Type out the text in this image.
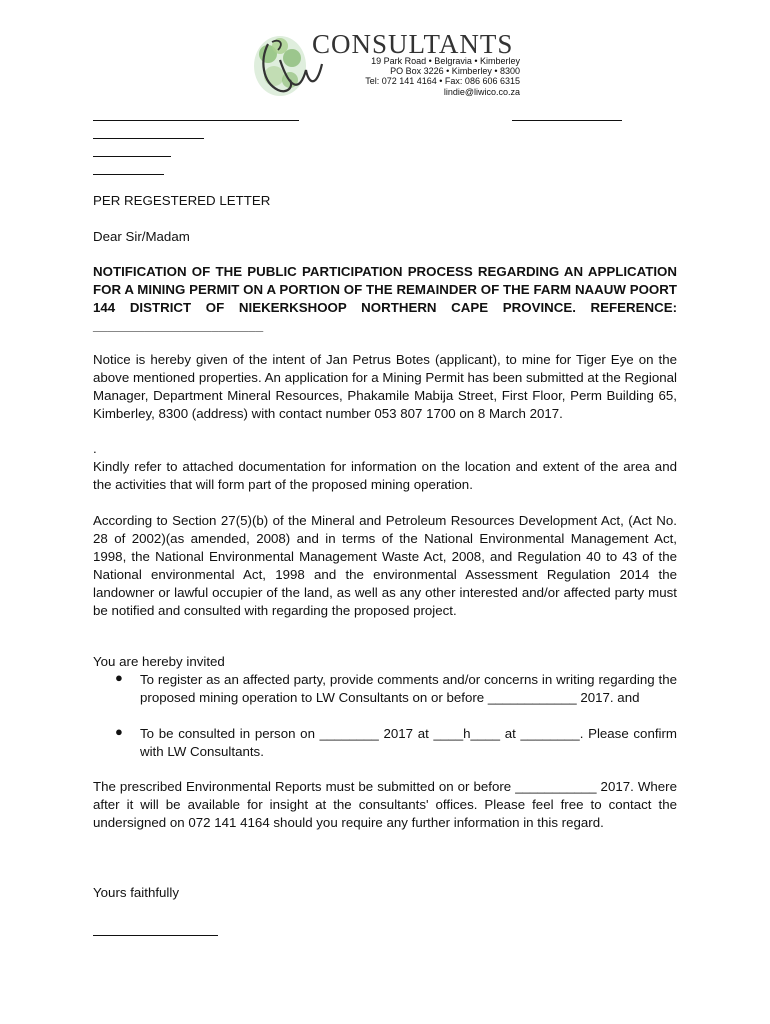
CONSULTANTS
19 Park Road • Belgravia • Kimberley
PO Box 3226 • Kimberley • 8300
Tel: 072 141 4164 • Fax: 086 606 6315
lindie@liwico.co.za
PER REGESTERED LETTER
Dear Sir/Madam
NOTIFICATION OF THE PUBLIC PARTICIPATION PROCESS REGARDING AN APPLICATION FOR A MINING PERMIT ON A PORTION OF THE REMAINDER OF THE FARM NAAUW POORT 144 DISTRICT OF NIEKERKSHOOP NORTHERN CAPE PROVINCE. REFERENCE: _______________________
Notice is hereby given of the intent of Jan Petrus Botes (applicant), to mine for Tiger Eye on the above mentioned properties. An application for a Mining Permit has been submitted at the Regional Manager, Department Mineral Resources, Phakamile Mabija Street, First Floor, Perm Building 65, Kimberley, 8300 (address) with contact number 053 807 1700 on 8 March 2017.
.
Kindly refer to attached documentation for information on the location and extent of the area and the activities that will form part of the proposed mining operation.
According to Section 27(5)(b) of the Mineral and Petroleum Resources Development Act, (Act No. 28 of 2002)(as amended, 2008) and in terms of the National Environmental Management Act, 1998, the National Environmental Management Waste Act, 2008, and Regulation 40 to 43 of the National environmental Act, 1998 and the environmental Assessment Regulation 2014 the landowner or lawful occupier of the land, as well as any other interested and/or affected party must be notified and consulted with regarding the proposed project.
You are hereby invited
● To register as an affected party, provide comments and/or concerns in writing regarding the proposed mining operation to LW Consultants on or before ____________ 2017. and
● To be consulted in person on ________ 2017 at ____h____ at ________. Please confirm with LW Consultants.
The prescribed Environmental Reports must be submitted on or before ___________ 2017. Where after it will be available for insight at the consultants' offices. Please feel free to contact the undersigned on 072 141 4164 should you require any further information in this regard.
Yours faithfully
